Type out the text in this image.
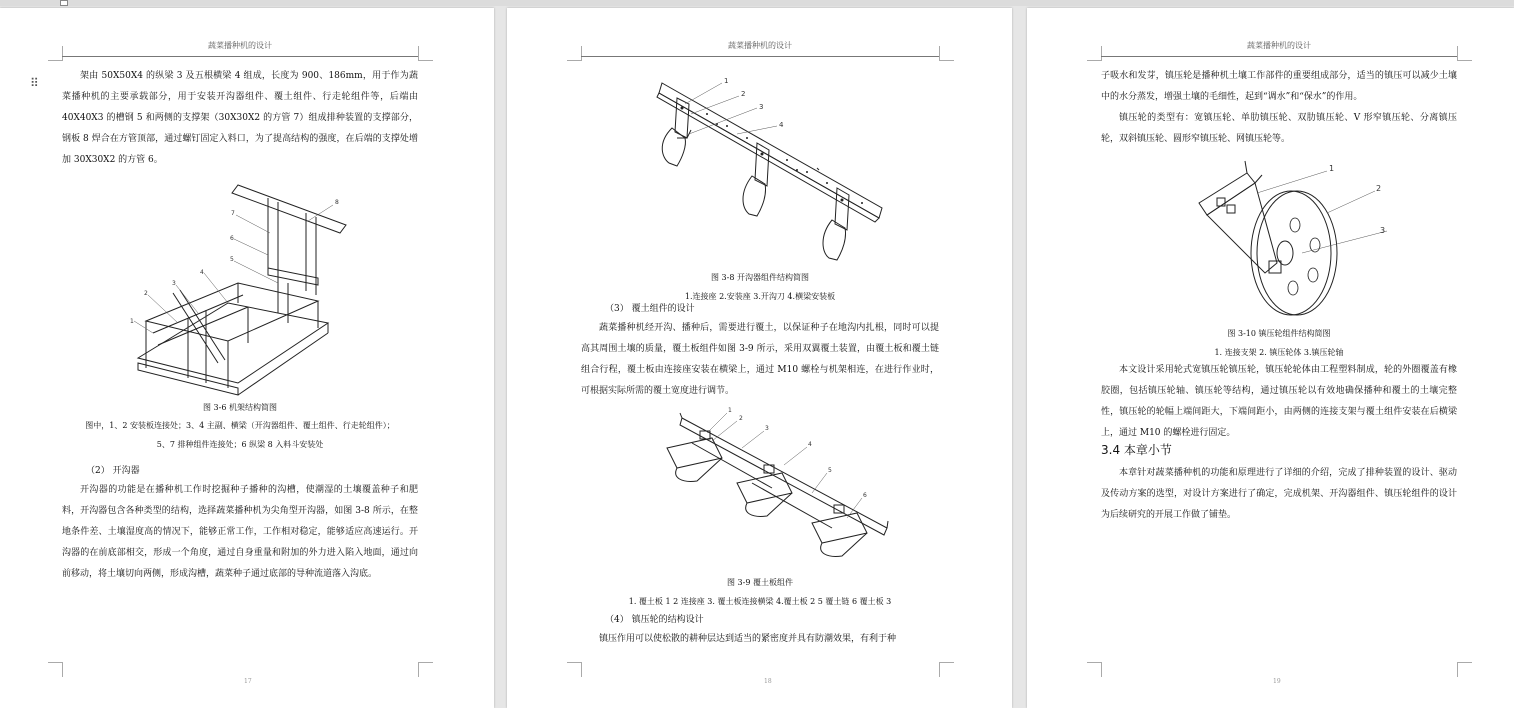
蔬菜播种机的设计
⠿	架由 50X50X4 的纵梁 3 及五根横梁 4 组成，长度为 900、186mm，用于作为蔬菜播种机的主要承载部分，用于安装开沟器组件、覆土组件、行走轮组件等，后端由 40X40X3 的槽钢 5 和两侧的支撑架（30X30X2 的方管 7）组成排种装置的支撑部分，钢板 8 焊合在方管顶部，通过螺钉固定入料口，为了提高结构的强度，在后端的支撑处增加 30X30X2 的方管 6。

8
7
6
5
4
3
2
1
图 3-6 机架结构简图
图中，1、2 安装板连接处；3、4 主副、横梁（开沟器组件、覆土组件、行走轮组件）；
5、7 排种组件连接处；6 纵梁 8 入料斗安装处
（2） 开沟器

开沟器的功能是在播种机工作时挖掘种子播种的沟槽，使潮湿的土壤覆盖种子和肥料，开沟器包含各种类型的结构，选择蔬菜播种机为尖角型开沟器，如图 3-8 所示，在整地条件差、土壤湿度高的情况下，能够正常工作，工作相对稳定，能够适应高速运行。开沟器的在前底部相交，形成一个角度，通过自身重量和附加的外力进入陷入地面，通过向前移动，将土壤切向两侧，形成沟槽，蔬菜种子通过底部的导种流道落入沟底。

17
蔬菜播种机的设计
1
2
3
4
图 3-8 开沟器组件结构简图
1.连接座 2.安装座 3.开沟刀 4.横梁安装板
（3） 覆土组件的设计

蔬菜播种机经开沟、播种后，需要进行覆土，以保证种子在地沟内扎根，同时可以提高其周围土壤的质量，覆土板组件如图 3-9 所示，采用双翼覆土装置，由覆土板和覆土链组合行程，覆土板由连接座安装在横梁上，通过 M10 螺栓与机架相连，在进行作业时，可根据实际所需的覆土宽度进行调节。

1
2
3
4
5
6
图 3-9 覆土板组件
1. 覆土板 1 2 连接座 3. 覆土板连接横梁 4.覆土板 2 5 覆土链 6 覆土板 3
（4） 镇压轮的结构设计

镇压作用可以使松散的耕种层达到适当的紧密度并具有防潮效果，有利于种

18
蔬菜播种机的设计

子吸水和发芽，镇压轮是播种机土壤工作部件的重要组成部分，适当的镇压可以减少土壤中的水分蒸发，增强土壤的毛细性，起到“调水”和“保水”的作用。

镇压轮的类型有：宽镇压轮、单肋镇压轮、双肋镇压轮、V 形窄镇压轮、分离镇压轮，双斜镇压轮、圆形窄镇压轮、网镇压轮等。

1
2
3
图 3-10 镇压轮组件结构简图
1. 连接支架 2. 镇压轮体 3.镇压轮轴

本文设计采用轮式宽镇压轮镇压轮，镇压轮轮体由工程塑料制成，轮的外圈覆盖有橡胶圈，包括镇压轮轴、镇压轮等结构，通过镇压轮以有效地确保播种和覆土的土壤完整性，镇压轮的轮幅上端间距大，下端间距小，由两侧的连接支架与覆土组件安装在后横梁上，通过 M10 的螺栓进行固定。

3.4 本章小节

本章针对蔬菜播种机的功能和原理进行了详细的介绍，完成了排种装置的设计、驱动及传动方案的选型，对设计方案进行了确定，完成机架、开沟器组件、镇压轮组件的设计为后续研究的开展工作做了铺垫。

19
